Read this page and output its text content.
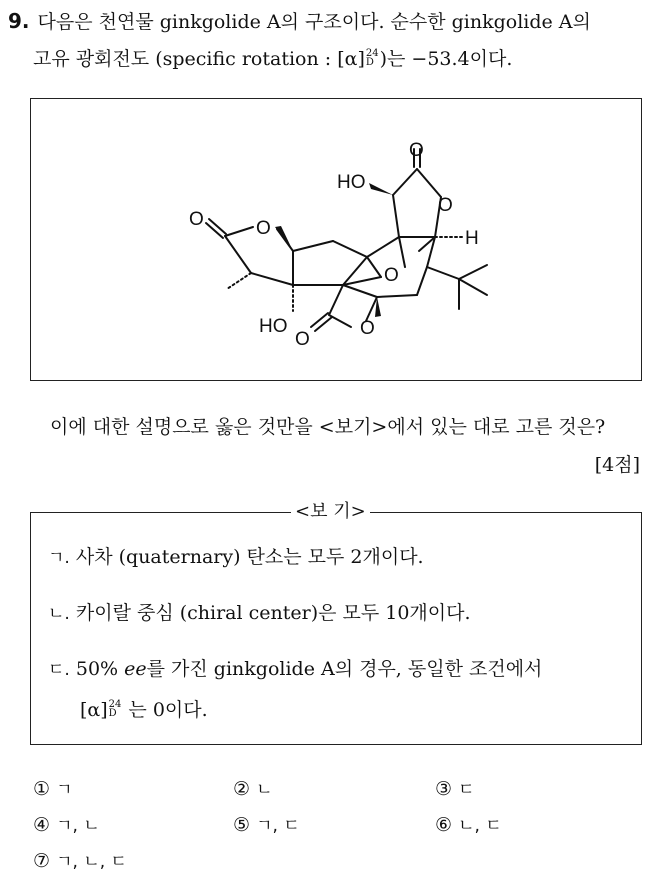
9. 다음은 천연물 ginkgolide A의 구조이다. 순수한 ginkgolide A의
고유 광회전도 (specific rotation : [α] 24
D )는 −53.4이다.
O
HO
O
H
O	O
O
HO
O
O
이에 대한 설명으로 옳은 것만을 <보기>에서 있는 대로 고른 것은?
[4점]
<보 기>
ㄱ. 사차 (quaternary) 탄소는 모두 2개이다.
ㄴ. 카이랄 중심 (chiral center)은 모두 10개이다.
ㄷ. 50% ee를 가진 ginkgolide A의 경우, 동일한 조건에서
[α] 24
D 는 0이다.
① ㄱ	② ㄴ	③ ㄷ
④ ㄱ, ㄴ	⑤ ㄱ, ㄷ	⑥ ㄴ, ㄷ
⑦ ㄱ, ㄴ, ㄷ
